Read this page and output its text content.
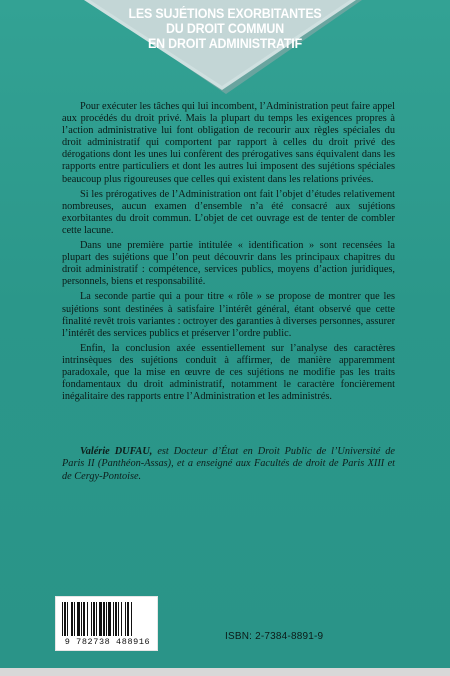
LES SUJÉTIONS EXORBITANTES
DU DROIT COMMUN
EN DROIT ADMINISTRATIF

Pour exécuter les tâches qui lui incombent, l’Administration peut faire appel aux procédés du droit privé. Mais la plupart du temps les exigences propres à l’action administrative lui font obligation de recourir aux règles spéciales du droit administratif qui comportent par rapport à celles du droit privé des dérogations dont les unes lui confèrent des prérogatives sans équivalent dans les rapports entre particuliers et dont les autres lui imposent des sujétions spéciales beaucoup plus rigoureuses que celles qui existent dans les relations privées.

Si les prérogatives de l’Administration ont fait l’objet d’études relativement nombreuses, aucun examen d’ensemble n’a été consacré aux sujétions exorbitantes du droit commun. L’objet de cet ouvrage est de tenter de combler cette lacune.

Dans une première partie intitulée « identification » sont recensées la plupart des sujétions que l’on peut découvrir dans les principaux chapitres du droit administratif : compétence, services publics, moyens d’action juridiques, personnels, biens et responsabilité.

La seconde partie qui a pour titre « rôle » se propose de montrer que les sujétions sont destinées à satisfaire l’intérêt général, étant observé que cette finalité revêt trois variantes : octroyer des garanties à diverses personnes, assurer l’intérêt des services publics et préserver l’ordre public.

Enfin, la conclusion axée essentiellement sur l’analyse des caractères intrinsèques des sujétions conduit à affirmer, de manière apparemment paradoxale, que la mise en œuvre de ces sujétions ne modifie pas les traits fondamentaux du droit administratif, notamment le caractère foncièrement inégalitaire des rapports entre l’Administration et les administrés.

Valérie DUFAU, est Docteur d’État en Droit Public de l’Université de Paris II (Panthéon-Assas), et a enseigné aux Facultés de droit de Paris XIII et de Cergy-Pontoise.
9 782738 488916	ISBN: 2-7384-8891-9
